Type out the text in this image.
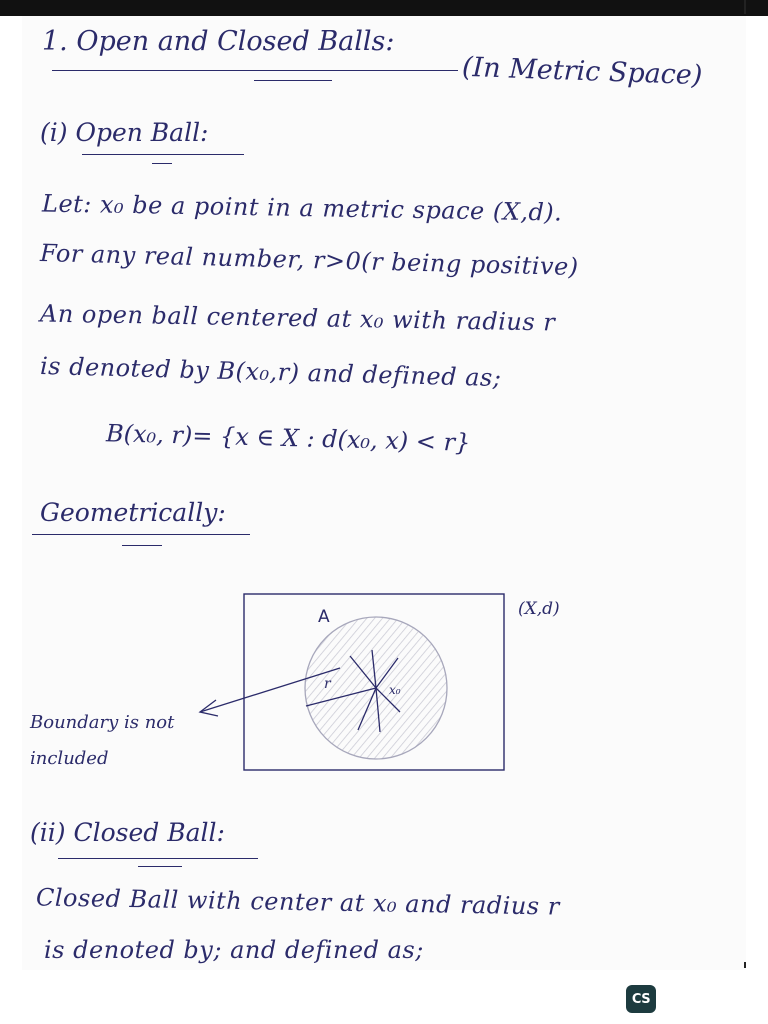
1. Open and Closed Balls:
(In Metric Space)
(i) Open Ball:
Let: x₀ be a point in a metric space (X,d).
For any real number, r>0(r being positive)
An open ball centered at x₀ with radius r
is denoted by B(x₀,r) and defined as;
B(x₀, r)= {x ∈ X : d(x₀, x) < r}
Geometrically:
A	(X,d)
r	x₀
Boundary is not
included
(ii) Closed Ball:
Closed Ball with center at x₀ and radius r
is denoted by; and defined as;
CS
